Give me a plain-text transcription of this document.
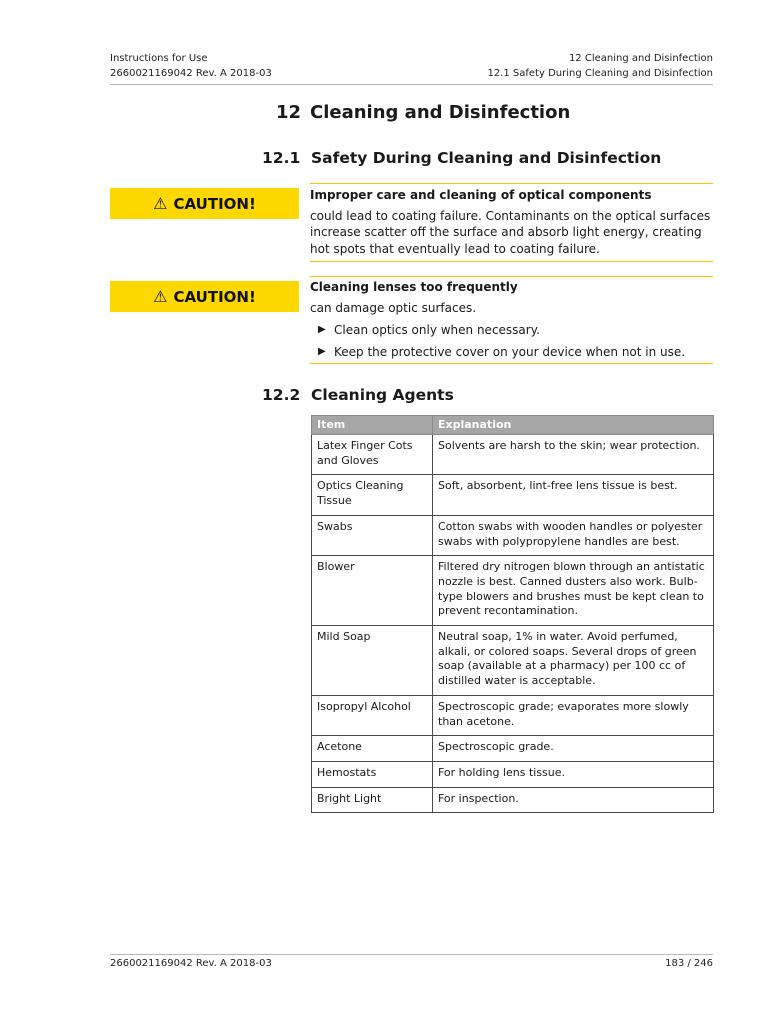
Instructions for Use
2660021169042 Rev. A 2018-03
12 Cleaning and Disinfection
12.1 Safety During Cleaning and Disinfection
12 Cleaning and Disinfection
12.1 Safety During Cleaning and Disinfection
⚠ CAUTION!	Improper care and cleaning of optical components
could lead to coating failure. Contaminants on the optical surfaces increase scatter off the surface and absorb light energy, creating hot spots that eventually lead to coating failure.
⚠ CAUTION!
Cleaning lenses too frequently
can damage optic surfaces.
▶ Clean optics only when necessary.
▶ Keep the protective cover on your device when not in use.
12.2 Cleaning Agents
Item	Explanation
Latex Finger Cots and Gloves	Solvents are harsh to the skin; wear protection.
Optics Cleaning Tissue	Soft, absorbent, lint-free lens tissue is best.
Swabs	Cotton swabs with wooden handles or polyester swabs with polypropylene handles are best.
Blower	Filtered dry nitrogen blown through an antistatic nozzle is best. Canned dusters also work. Bulb-type blowers and brushes must be kept clean to prevent recontamination.
Mild Soap	Neutral soap, 1% in water. Avoid perfumed, alkali, or colored soaps. Several drops of green soap (available at a pharmacy) per 100 cc of distilled water is acceptable.
Isopropyl Alcohol	Spectroscopic grade; evaporates more slowly than acetone.
Acetone	Spectroscopic grade.
Hemostats	For holding lens tissue.
Bright Light	For inspection.
2660021169042 Rev. A 2018-03	183 / 246
